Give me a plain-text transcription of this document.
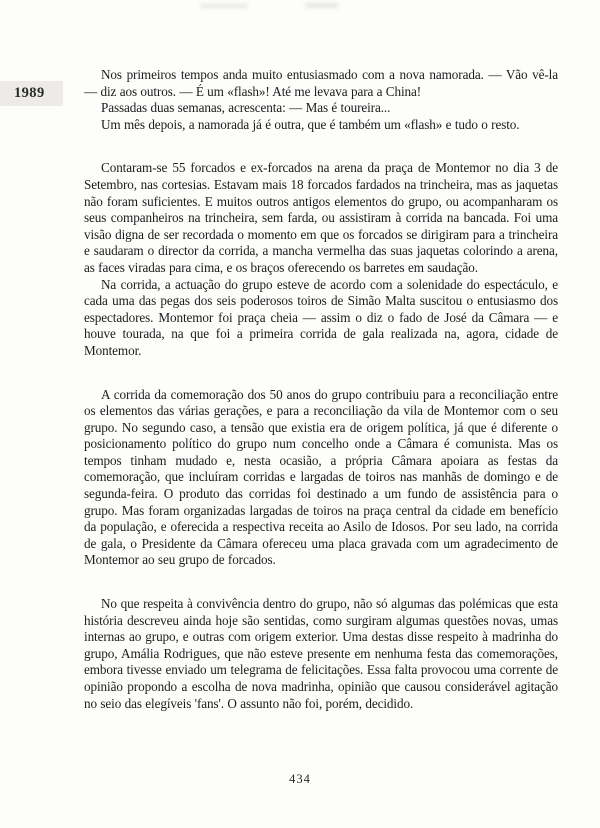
1989

Nos primeiros tempos anda muito entusiasmado com a nova namorada. — Vão vê-la — diz aos outros. — É um «flash»! Até me levava para a China!

Passadas duas semanas, acrescenta: — Mas é toureira...

Um mês depois, a namorada já é outra, que é também um «flash» e tudo o resto.

Contaram-se 55 forcados e ex-forcados na arena da praça de Montemor no dia 3 de Setembro, nas cortesias. Estavam mais 18 forcados fardados na trincheira, mas as jaquetas não foram suficientes. E muitos outros antigos elementos do grupo, ou acompanharam os seus companheiros na trincheira, sem farda, ou assistiram à corrida na bancada. Foi uma visão digna de ser recordada o momento em que os forcados se dirigiram para a trincheira e saudaram o director da corrida, a mancha vermelha das suas jaquetas colorindo a arena, as faces viradas para cima, e os braços oferecendo os barretes em saudação.

Na corrida, a actuação do grupo esteve de acordo com a solenidade do espectáculo, e cada uma das pegas dos seis poderosos toiros de Simão Malta suscitou o entusiasmo dos espectadores. Montemor foi praça cheia — assim o diz o fado de José da Câmara — e houve tourada, na que foi a primeira corrida de gala realizada na, agora, cidade de Montemor.

A corrida da comemoração dos 50 anos do grupo contribuiu para a reconciliação entre os elementos das várias gerações, e para a reconciliação da vila de Montemor com o seu grupo. No segundo caso, a tensão que existia era de origem política, já que é diferente o posicionamento político do grupo num concelho onde a Câmara é comunista. Mas os tempos tinham mudado e, nesta ocasião, a própria Câmara apoiara as festas da comemoração, que incluíram corridas e largadas de toiros nas manhãs de domingo e de segunda-feira. O produto das corridas foi destinado a um fundo de assistência para o grupo. Mas foram organizadas largadas de toiros na praça central da cidade em benefício da população, e oferecida a respectiva receita ao Asilo de Idosos. Por seu lado, na corrida de gala, o Presidente da Câmara ofereceu uma placa gravada com um agradecimento de Montemor ao seu grupo de forcados.

No que respeita à convivência dentro do grupo, não só algumas das polémicas que esta história descreveu ainda hoje são sentidas, como surgiram algumas questões novas, umas internas ao grupo, e outras com origem exterior. Uma destas disse respeito à madrinha do grupo, Amália Rodrigues, que não esteve presente em nenhuma festa das comemorações, embora tivesse enviado um telegrama de felicitações. Essa falta provocou uma corrente de opinião propondo a escolha de nova madrinha, opinião que causou considerável agitação no seio das elegíveis 'fans'. O assunto não foi, porém, decidido.

434
